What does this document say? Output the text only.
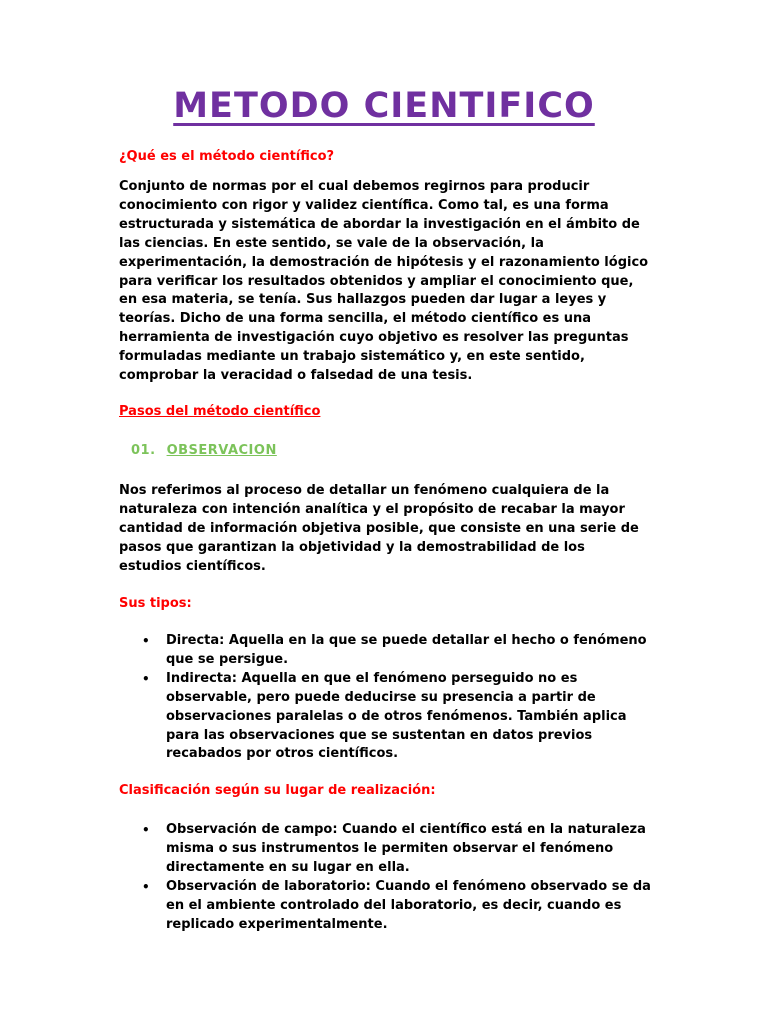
METODO CIENTIFICO
¿Qué es el método científico?

Conjunto de normas por el cual debemos regirnos para producir conocimiento con rigor y validez científica. Como tal, es una forma estructurada y sistemática de abordar la investigación en el ámbito de las ciencias. En este sentido, se vale de la observación, la experimentación, la demostración de hipótesis y el razonamiento lógico para verificar los resultados obtenidos y ampliar el conocimiento que, en esa materia, se tenía. Sus hallazgos pueden dar lugar a leyes y teorías. Dicho de una forma sencilla, el método científico es una herramienta de investigación cuyo objetivo es resolver las preguntas formuladas mediante un trabajo sistemático y, en este sentido, comprobar la veracidad o falsedad de una tesis.

Pasos del método científico
01. OBSERVACION

Nos referimos al proceso de detallar un fenómeno cualquiera de la naturaleza con intención analítica y el propósito de recabar la mayor cantidad de información objetiva posible, que consiste en una serie de pasos que garantizan la objetividad y la demostrabilidad de los estudios científicos.

Sus tipos:
• Directa: Aquella en la que se puede detallar el hecho o fenómeno que se persigue.
• Indirecta: Aquella en que el fenómeno perseguido no es observable, pero puede deducirse su presencia a partir de observaciones paralelas o de otros fenómenos. También aplica para las observaciones que se sustentan en datos previos recabados por otros científicos.
Clasificación según su lugar de realización:
• Observación de campo: Cuando el científico está en la naturaleza misma o sus instrumentos le permiten observar el fenómeno directamente en su lugar en ella.
• Observación de laboratorio: Cuando el fenómeno observado se da en el ambiente controlado del laboratorio, es decir, cuando es replicado experimentalmente.
